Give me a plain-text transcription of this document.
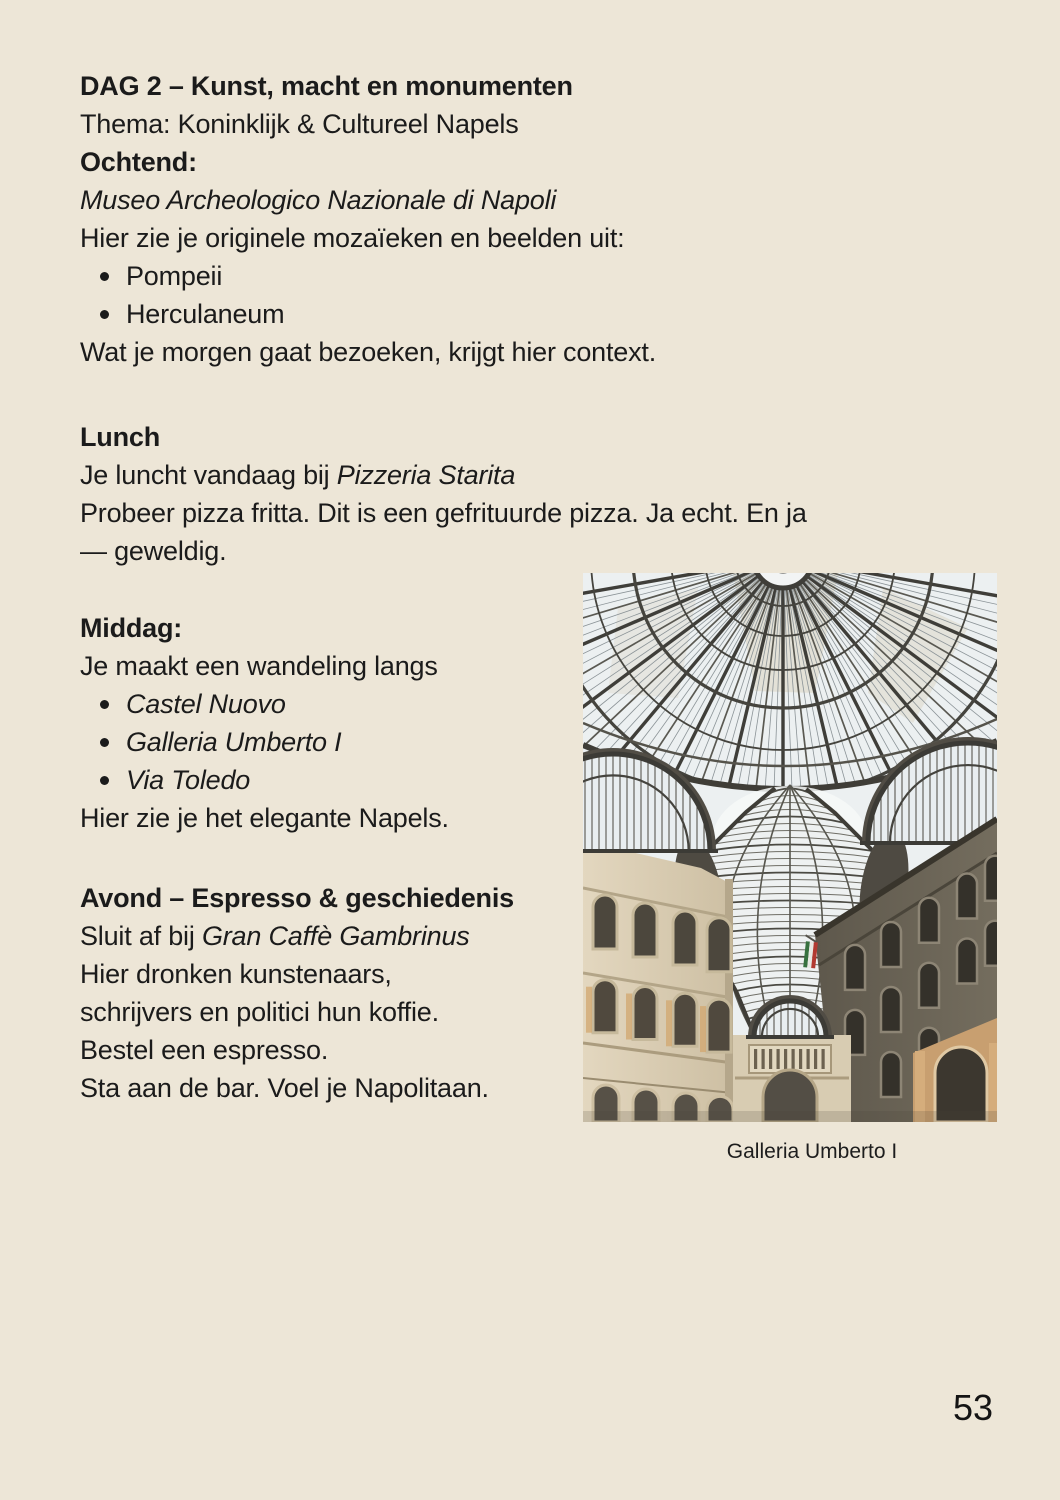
DAG 2 – Kunst, macht en monumenten
Thema: Koninklijk & Cultureel Napels
Ochtend:
Museo Archeologico Nazionale di Napoli
Hier zie je originele mozaïeken en beelden uit:
Pompeii
Herculaneum
Wat je morgen gaat bezoeken, krijgt hier context.
Lunch
Je luncht vandaag bij Pizzeria Starita
Probeer pizza fritta. Dit is een gefrituurde pizza. Ja echt. En ja
— geweldig.
Middag:
Je maakt een wandeling langs
Castel Nuovo
Galleria Umberto I
Via Toledo
Hier zie je het elegante Napels.
Avond – Espresso & geschiedenis
Sluit af bij Gran Caffè Gambrinus
Hier dronken kunstenaars,
schrijvers en politici hun koffie.
Bestel een espresso.
Sta aan de bar. Voel je Napolitaan.
Galleria Umberto I
53
